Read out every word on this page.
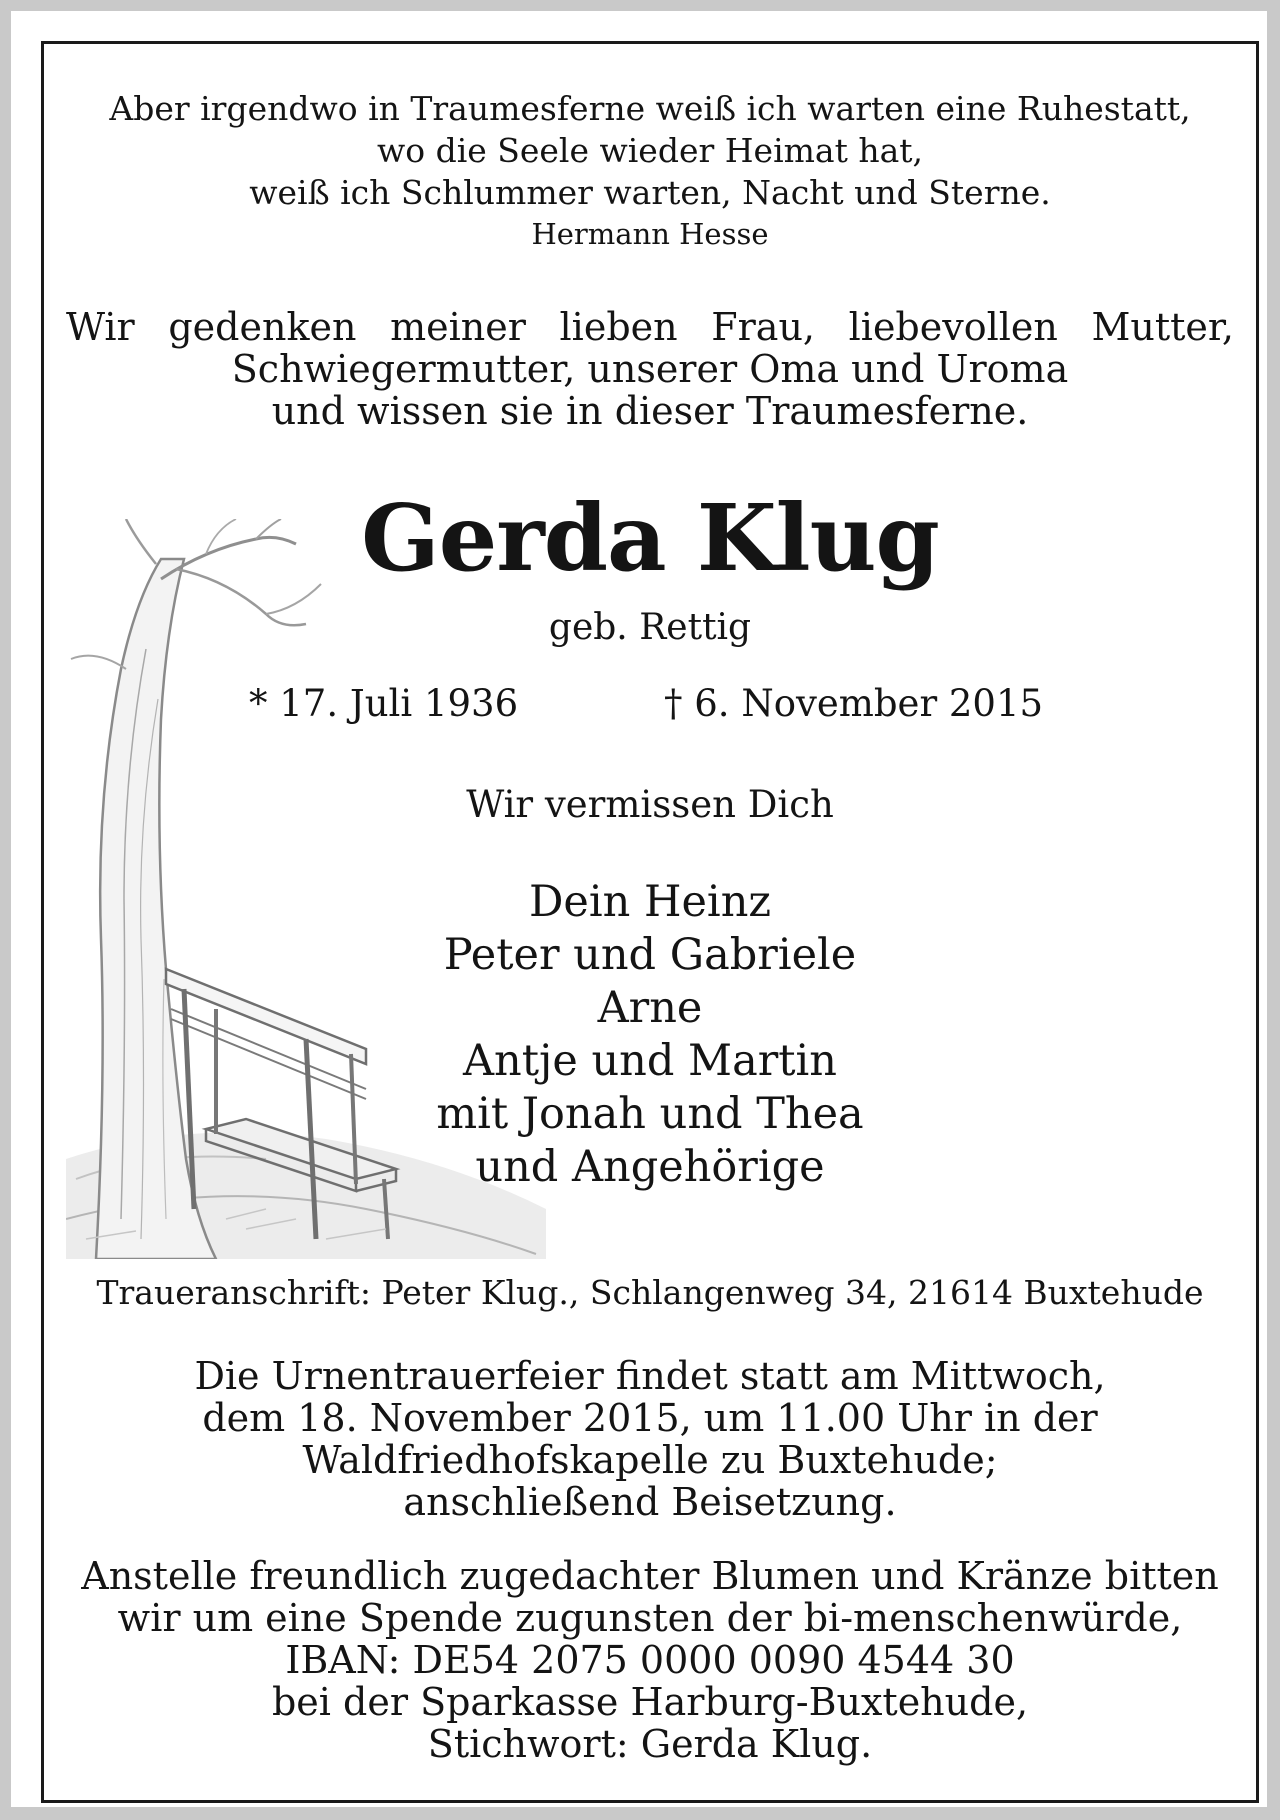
Aber irgendwo in Traumesferne weiß ich warten eine Ruhestatt,
wo die Seele wieder Heimat hat,
weiß ich Schlummer warten, Nacht und Sterne.
Hermann Hesse
Wir gedenken meiner lieben Frau, liebevollen Mutter,
Schwiegermutter, unserer Oma und Uroma
und wissen sie in dieser Traumesferne.
Gerda Klug
geb. Rettig
* 17. Juli 1936	† 6. November 2015
Wir vermissen Dich
Dein Heinz
Peter und Gabriele
Arne
Antje und Martin
mit Jonah und Thea
und Angehörige
Traueranschrift: Peter Klug., Schlangenweg 34, 21614 Buxtehude
Die Urnentrauerfeier findet statt am Mittwoch,
dem 18. November 2015, um 11.00 Uhr in der
Waldfriedhofskapelle zu Buxtehude;
anschließend Beisetzung.
Anstelle freundlich zugedachter Blumen und Kränze bitten
wir um eine Spende zugunsten der bi-menschenwürde,
IBAN: DE54 2075 0000 0090 4544 30
bei der Sparkasse Harburg-Buxtehude,
Stichwort: Gerda Klug.
